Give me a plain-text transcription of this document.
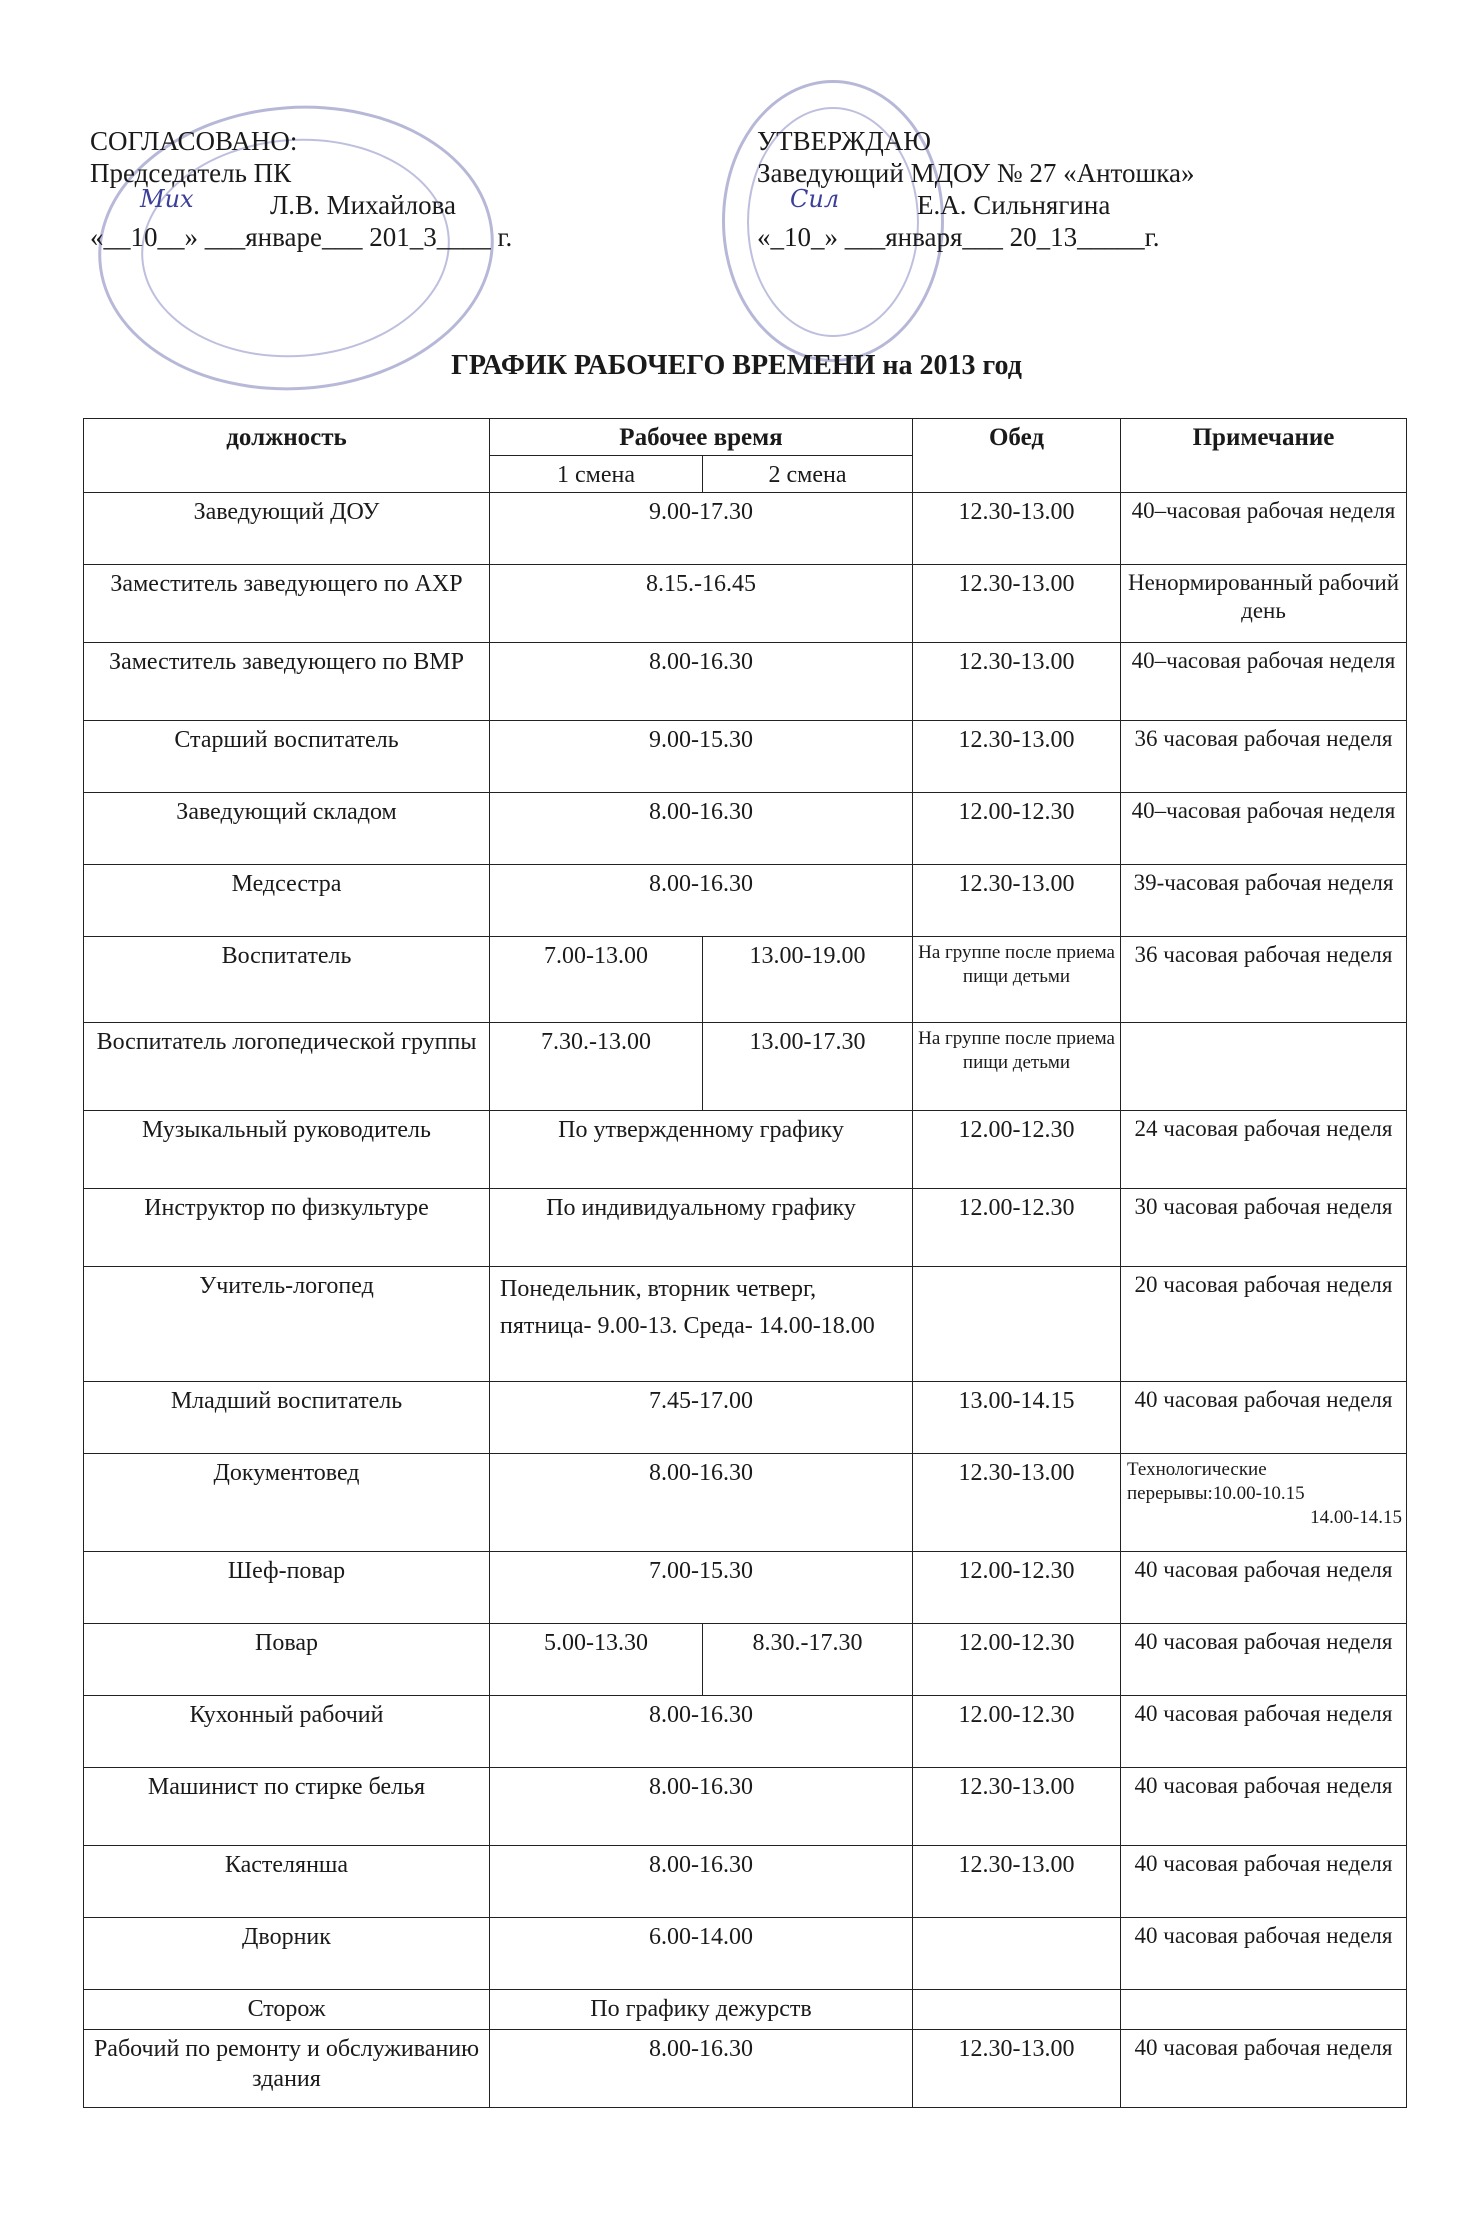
СОГЛАСОВАНО:
Председатель ПК
Л.В. Михайлова
«__10__» ___январе___ 201_3____ г.
Мих
УТВЕРЖДАЮ
Заведующий МДОУ № 27 «Антошка»
Е.А. Сильнягина
«_10_» ___января___ 20_13_____г.
Сил
ГРАФИК РАБОЧЕГО ВРЕМЕНИ на 2013 год
должность	Рабочее время		Обед	Примечание
	1 смена	2 смена		
Заведующий ДОУ	9.00-17.30		12.30-13.00	40–часовая рабочая неделя
Заместитель заведующего по АХР	8.15.-16.45		12.30-13.00	Ненормированный рабочий день
Заместитель заведующего по ВМР	8.00-16.30		12.30-13.00	40–часовая рабочая неделя
Старший воспитатель	9.00-15.30		12.30-13.00	36 часовая рабочая неделя
Заведующий складом	8.00-16.30		12.00-12.30	40–часовая рабочая неделя
Медсестра	8.00-16.30		12.30-13.00	39-часовая рабочая неделя
Воспитатель	7.00-13.00	13.00-19.00	На группе после приема пищи детьми	36 часовая рабочая неделя
Воспитатель логопедической группы	7.30.-13.00	13.00-17.30	На группе после приема пищи детьми	
Музыкальный руководитель	По утвержденному графику		12.00-12.30	24 часовая рабочая неделя
Инструктор по физкультуре	По индивидуальному графику		12.00-12.30	30 часовая рабочая неделя
Учитель-логопед	Понедельник, вторник четверг, пятница- 9.00-13. Среда- 14.00-18.00			20 часовая рабочая неделя
Младший воспитатель	7.45-17.00		13.00-14.15	40 часовая рабочая неделя
Документовед	8.00-16.30		12.30-13.00	Технологические
перерывы:10.00-10.15
14.00-14.15

Шеф-повар	7.00-15.30		12.00-12.30	40 часовая рабочая неделя
Повар	5.00-13.30	8.30.-17.30	12.00-12.30	40 часовая рабочая неделя
Кухонный рабочий	8.00-16.30		12.00-12.30	40 часовая рабочая неделя
Машинист по стирке белья	8.00-16.30		12.30-13.00	40 часовая рабочая неделя
Кастелянша	8.00-16.30		12.30-13.00	40 часовая рабочая неделя
Дворник	6.00-14.00			40 часовая рабочая неделя
Сторож	По графику дежурств			
Рабочий по ремонту и обслуживанию здания	8.00-16.30		12.30-13.00	40 часовая рабочая неделя
